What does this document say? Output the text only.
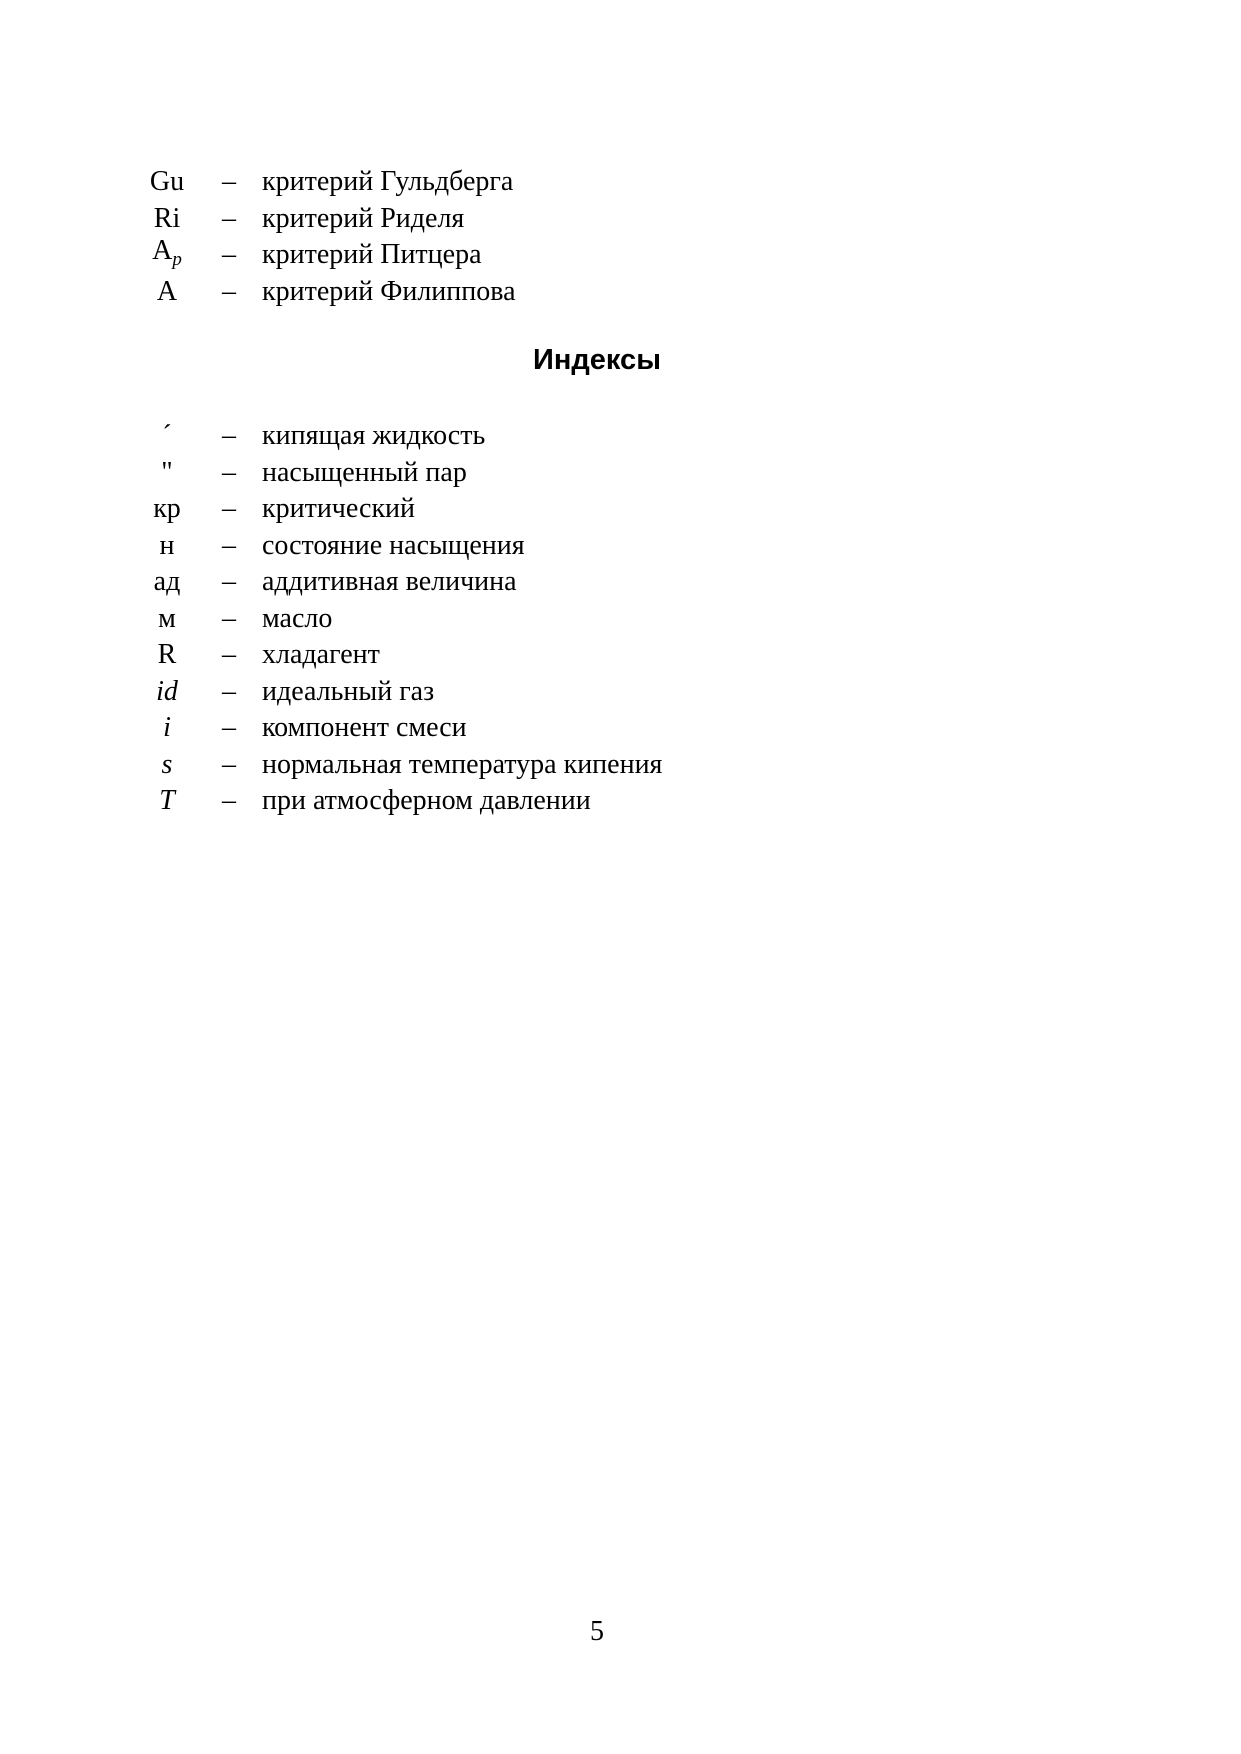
Gu	– критерий Гульдберга
Ri	– критерий Риделя
$A_p$	– критерий Питцера
A	– критерий Филиппова
Индексы
´	– кипящая жидкость
"	– насыщенный пар
кр	– критический
н	– состояние насыщения
ад	– аддитивная величина
м	– масло
R	– хладагент
id	– идеальный газ
i	– компонент смеси
s	– нормальная температура кипения
T	– при атмосферном давлении
5
